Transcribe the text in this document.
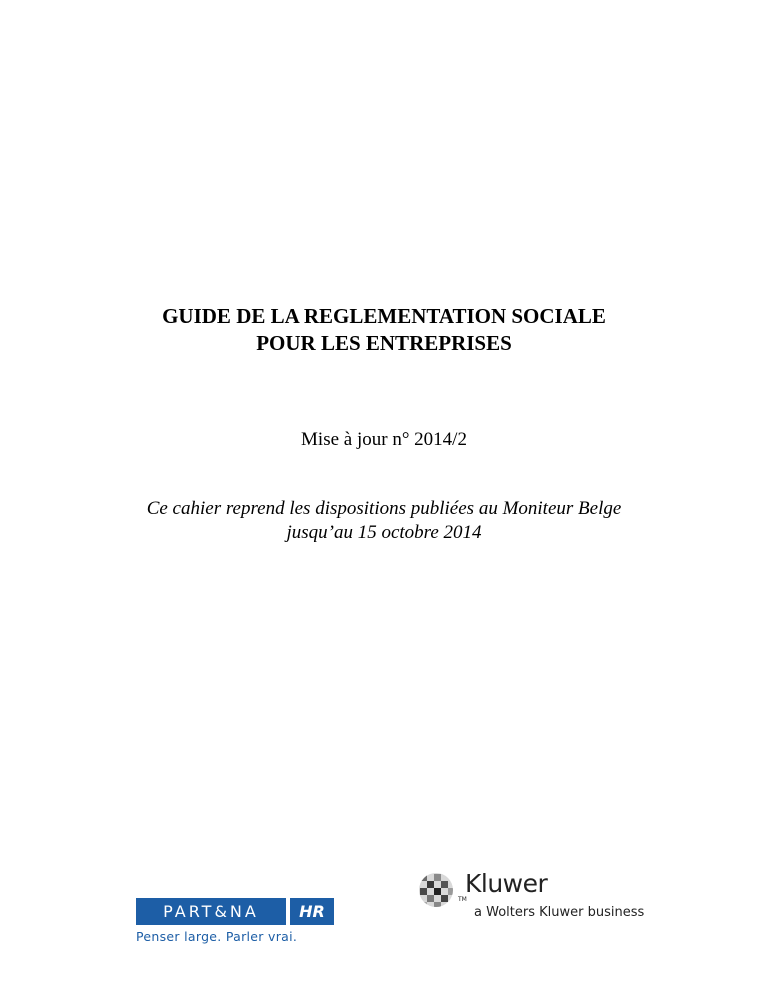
GUIDE DE LA REGLEMENTATION SOCIALE
POUR LES ENTREPRISES
Mise à jour n° 2014/2
Ce cahier reprend les dispositions publiées au Moniteur Belge
jusqu’au 15 octobre 2014
PART&NA	HR
Penser large. Parler vrai.
TM
Kluwer
a Wolters Kluwer business
